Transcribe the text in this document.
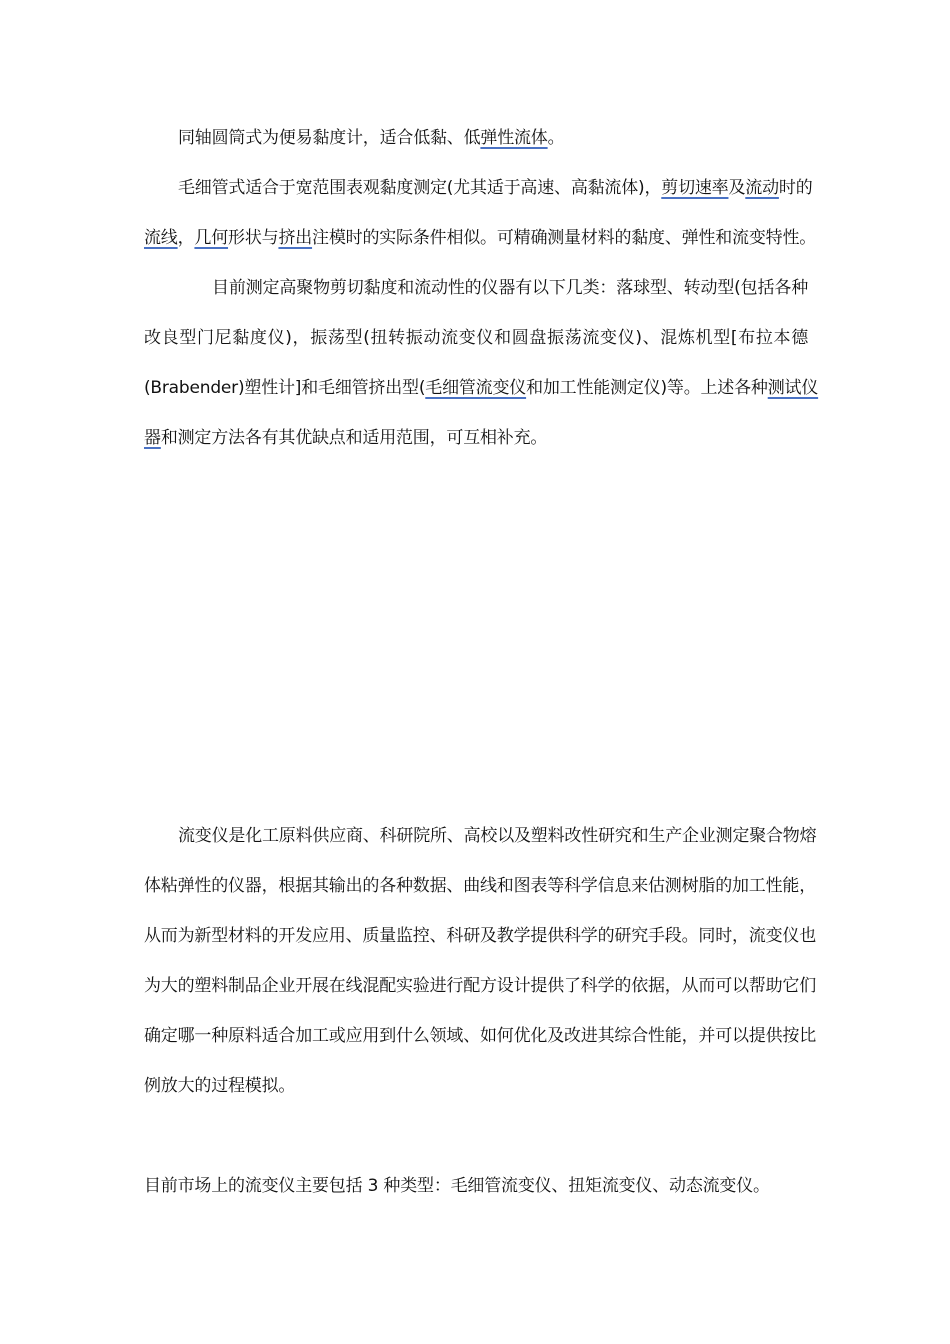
同轴圆筒式为便易黏度计，适合低黏、低弹性流体。
毛细管式适合于宽范围表观黏度测定(尤其适于高速、高黏流体)，剪切速率及流动时的
流线，几何形状与挤出注模时的实际条件相似。可精确测量材料的黏度、弹性和流变特性。
目前测定高聚物剪切黏度和流动性的仪器有以下几类：落球型、转动型(包括各种
改良型门尼黏度仪)，振荡型(扭转振动流变仪和圆盘振荡流变仪)、混炼机型[布拉本德
(Brabender)塑性计]和毛细管挤出型(毛细管流变仪和加工性能测定仪)等。上述各种测试仪
器和测定方法各有其优缺点和适用范围，可互相补充。
流变仪是化工原料供应商、科研院所、高校以及塑料改性研究和生产企业测定聚合物熔
体粘弹性的仪器，根据其输出的各种数据、曲线和图表等科学信息来估测树脂的加工性能，
从而为新型材料的开发应用、质量监控、科研及教学提供科学的研究手段。同时，流变仪也
为大的塑料制品企业开展在线混配实验进行配方设计提供了科学的依据，从而可以帮助它们
确定哪一种原料适合加工或应用到什么领域、如何优化及改进其综合性能，并可以提供按比
例放大的过程模拟。
目前市场上的流变仪主要包括 3 种类型：毛细管流变仪、扭矩流变仪、动态流变仪。
